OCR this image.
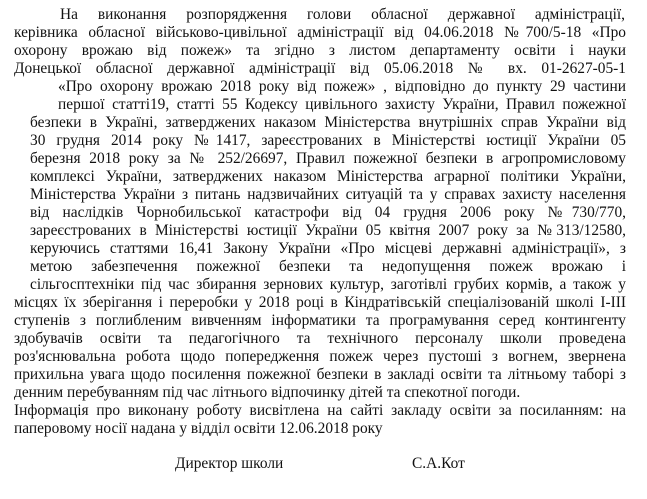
На виконання розпорядження голови обласної державної адміністрації,
керівника обласної військово-цивільної адміністрації від 04.06.2018 №700/5-18 «Про
охорону врожаю від пожеж» та згідно з листом департаменту освіти і науки
Донецької обласної державної адміністрації від 05.06.2018 № вх. 01-2627-05-1
«Про охорону врожаю 2018 року від пожеж» , відповідно до пункту 29 частини
першої статті19, статті 55 Кодексу цивільного захисту України, Правил пожежної
безпеки в Україні, затверджених наказом Міністерства внутрішніх справ України від
30 грудня 2014 року №1417, зареєстрованих в Міністерстві юстиції України 05
березня 2018 року за № 252/26697, Правил пожежної безпеки в агропромисловому
комплексі України, затверджених наказом Міністерства аграрної політики України,
Міністерства України з питань надзвичайних ситуацій та у справах захисту населення
від наслідків Чорнобильської катастрофи від 04 грудня 2006 року №730/770,
зареєстрованих в Міністерстві юстиції України 05 квітня 2007 року за №313/12580,
керуючись статтями 16,41 Закону України «Про місцеві державні адміністрації», з
метою забезпечення пожежної безпеки та недопущення пожеж врожаю і
сільгосптехніки під час збирання зернових культур, заготівлі грубих кормів, а також у
місцях їх зберігання і переробки у 2018 році в Кіндратівській спеціалізованій школі І-ІІІ
ступенів з поглибленим вивченням інформатики та програмування серед контингенту
здобувачів освіти та педагогічного та технічного персоналу школи проведена
роз'яснювальна робота щодо попередження пожеж через пустоші з вогнем, звернена
прихильна увага щодо посилення пожежної безпеки в закладі освіти та літньому таборі з
денним перебуванням під час літнього відпочинку дітей та спекотної погоди.
Інформація про виконану роботу висвітлена на сайті закладу освіти за посиланням: на
паперовому носії надана у відділ освіти 12.06.2018 року
Директор школи	С.А.Кот
